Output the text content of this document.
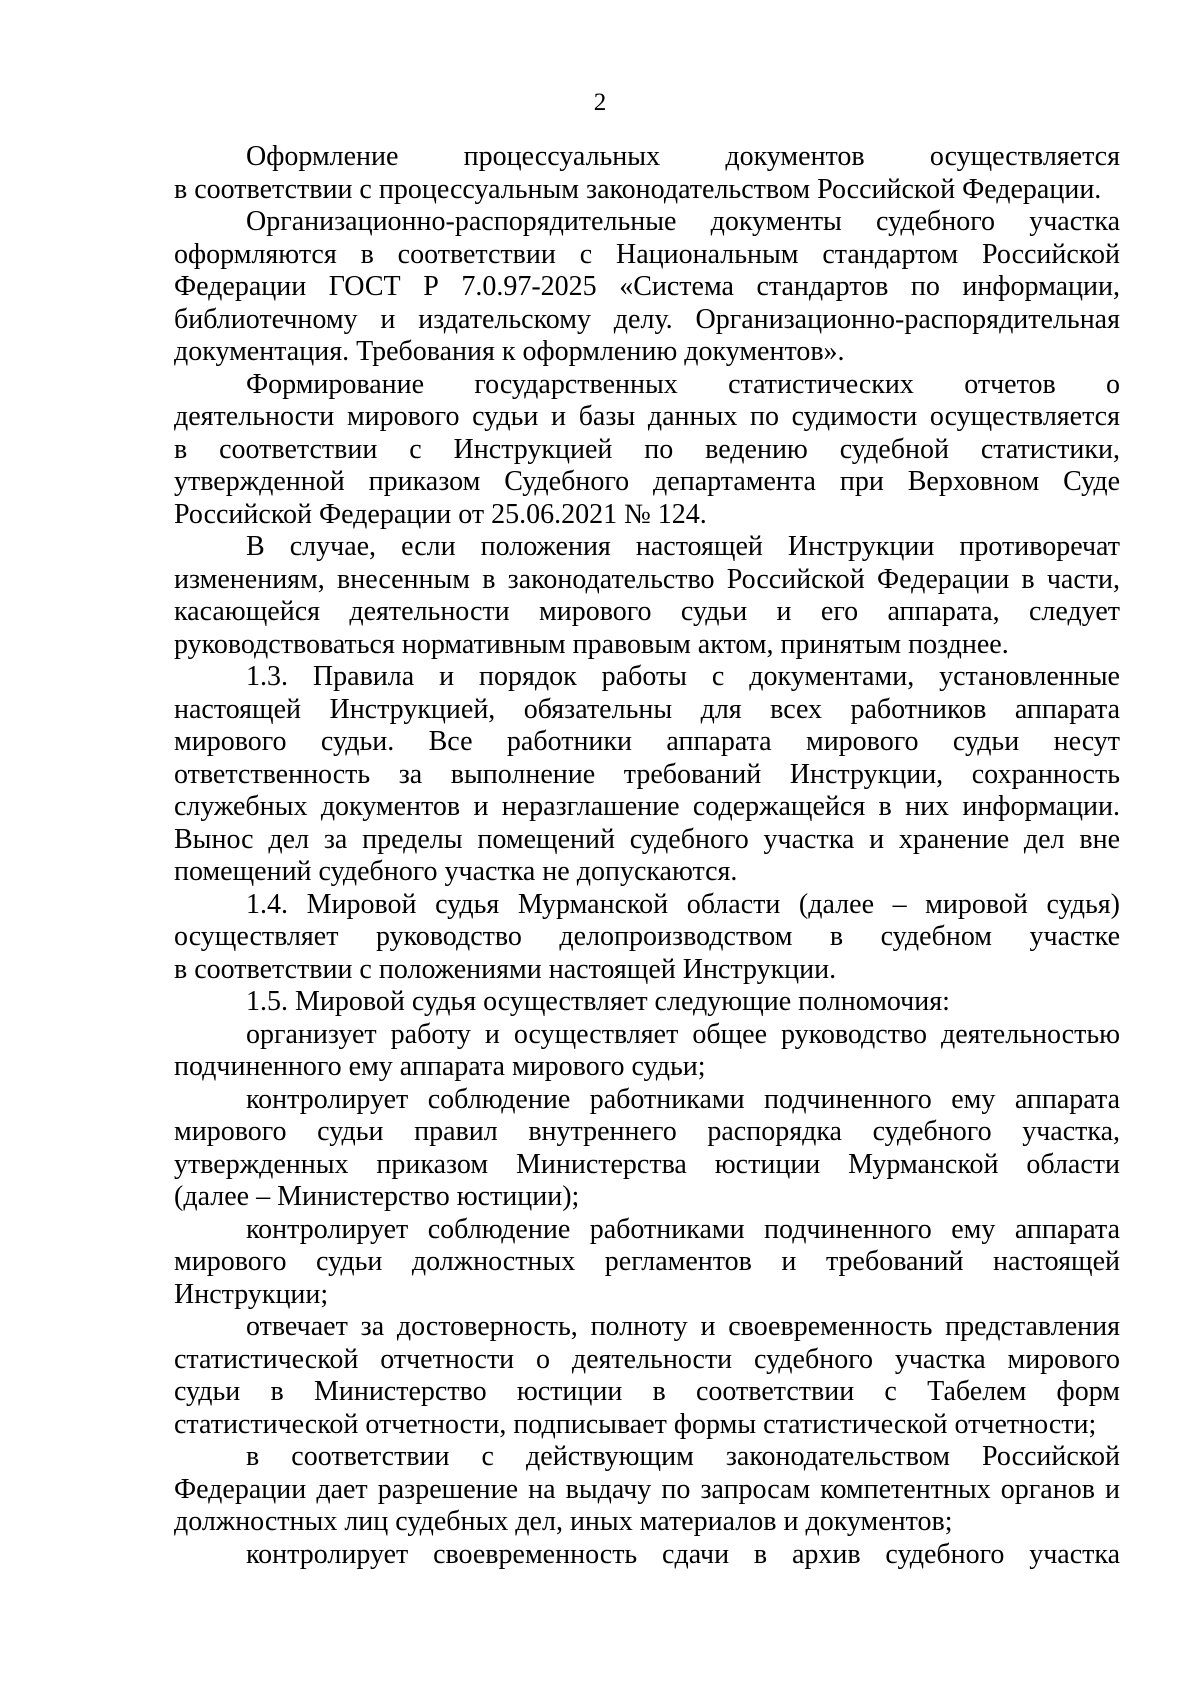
2
Оформление процессуальных документов осуществляется
в соответствии с процессуальным законодательством Российской Федерации.
Организационно-распорядительные документы судебного участка
оформляются в соответствии с Национальным стандартом Российской
Федерации ГОСТ Р 7.0.97-2025 «Система стандартов по информации,
библиотечному и издательскому делу. Организационно-распорядительная
документация. Требования к оформлению документов».
Формирование государственных статистических отчетов о
деятельности мирового судьи и базы данных по судимости осуществляется
в соответствии с Инструкцией по ведению судебной статистики,
утвержденной приказом Судебного департамента при Верховном Суде
Российской Федерации от 25.06.2021 № 124.
В случае, если положения настоящей Инструкции противоречат
изменениям, внесенным в законодательство Российской Федерации в части,
касающейся деятельности мирового судьи и его аппарата, следует
руководствоваться нормативным правовым актом, принятым позднее.
1.3. Правила и порядок работы с документами, установленные
настоящей Инструкцией, обязательны для всех работников аппарата
мирового судьи. Все работники аппарата мирового судьи несут
ответственность за выполнение требований Инструкции, сохранность
служебных документов и неразглашение содержащейся в них информации.
Вынос дел за пределы помещений судебного участка и хранение дел вне
помещений судебного участка не допускаются.
1.4. Мировой судья Мурманской области (далее – мировой судья)
осуществляет руководство делопроизводством в судебном участке
в соответствии с положениями настоящей Инструкции.
1.5. Мировой судья осуществляет следующие полномочия:
организует работу и осуществляет общее руководство деятельностью
подчиненного ему аппарата мирового судьи;
контролирует соблюдение работниками подчиненного ему аппарата
мирового судьи правил внутреннего распорядка судебного участка,
утвержденных приказом Министерства юстиции Мурманской области
(далее – Министерство юстиции);
контролирует соблюдение работниками подчиненного ему аппарата
мирового судьи должностных регламентов и требований настоящей
Инструкции;
отвечает за достоверность, полноту и своевременность представления
статистической отчетности о деятельности судебного участка мирового
судьи в Министерство юстиции в соответствии с Табелем форм
статистической отчетности, подписывает формы статистической отчетности;
в соответствии с действующим законодательством Российской
Федерации дает разрешение на выдачу по запросам компетентных органов и
должностных лиц судебных дел, иных материалов и документов;
контролирует своевременность сдачи в архив судебного участка
